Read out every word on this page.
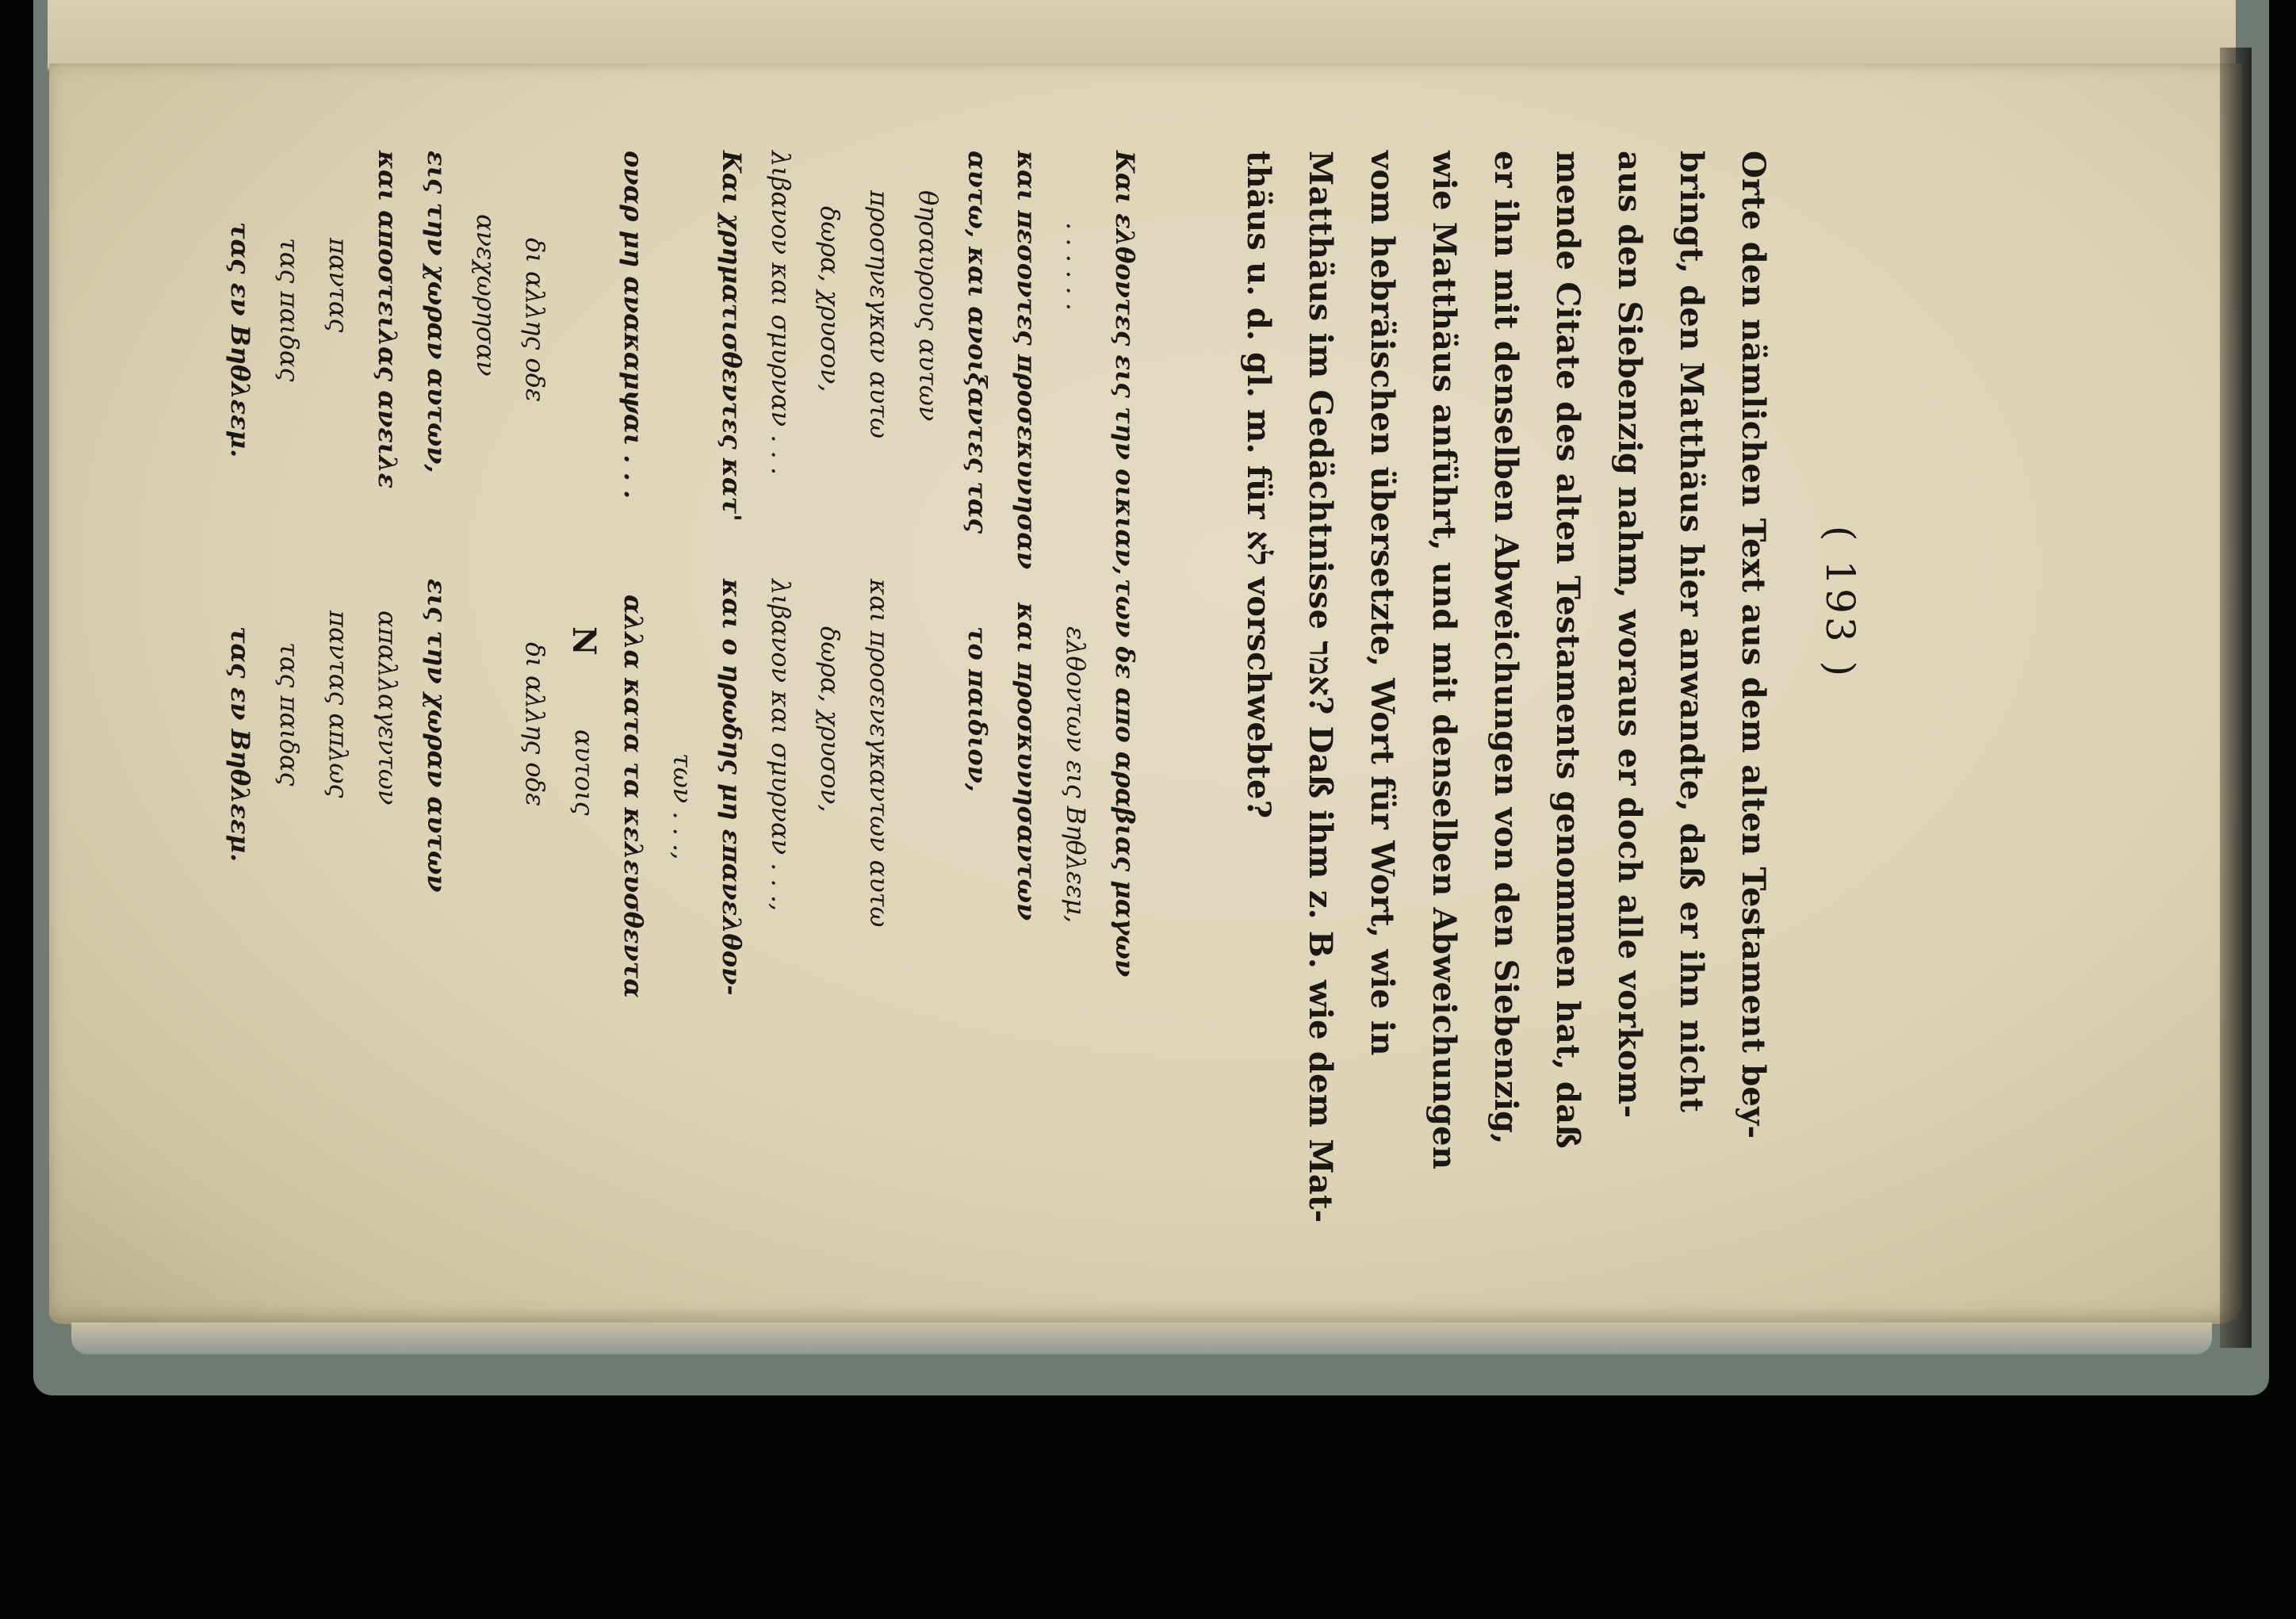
( 193 )
Orte den nämlichen Text aus dem alten Testament bey-
bringt, den Matthäus hier anwandte, daß er ihn nicht
aus den Siebenzig nahm, woraus er doch alle vorkom-
mende Citate des alten Testaments genommen hat, daß
er ihn mit denselben Abweichungen von den Siebenzig,
wie Matthäus anführt, und mit denselben Abweichungen
vom hebräischen übersetzte, Wort für Wort, wie in
Matthäus im Gedächtnisse אמר? Daß ihm z. B. wie dem Mat-
thäus u. d. gl. m. für לא vorschwebte?
Και ελθοντες εις την οικιαν,
των δε απο αραβιας μαγων
. . . . . .
ελθοντων εις Βηθλεεμ,
και πεσοντες προσεκυνησαν
και προσκυνησαντων
αυτω, και ανοιξαντες τας
το παιδιον,
θησαυρους αυτων
προσηνεγκαν αυτω
και προσενεγκαντων αυτω
δωρα, χρυσον,
δωρα, χρυσον,
λιβανον και σμυρναν . . .
λιβανον και σμυρναν . . .,
Και χρηματισθεντες κατ'
και ο ηρωδης μη επανελθον-
των . . .,
οναρ μη ανακαμψαι . . .
αλλα κατα τα κελευσθεντα
αυτοις
δι αλλης οδε
δι αλλης οδε
ανεχωρησαν
εις την χωραν αυτων,
εις την χωραν αυτων
και αποστειλας ανειλε
απαλλαγεντων
παντας
παντας απλως
τας παιδας
τας παιδας
τας εν Βηθλεεμ.
τας εν Βηθλεεμ.	N
